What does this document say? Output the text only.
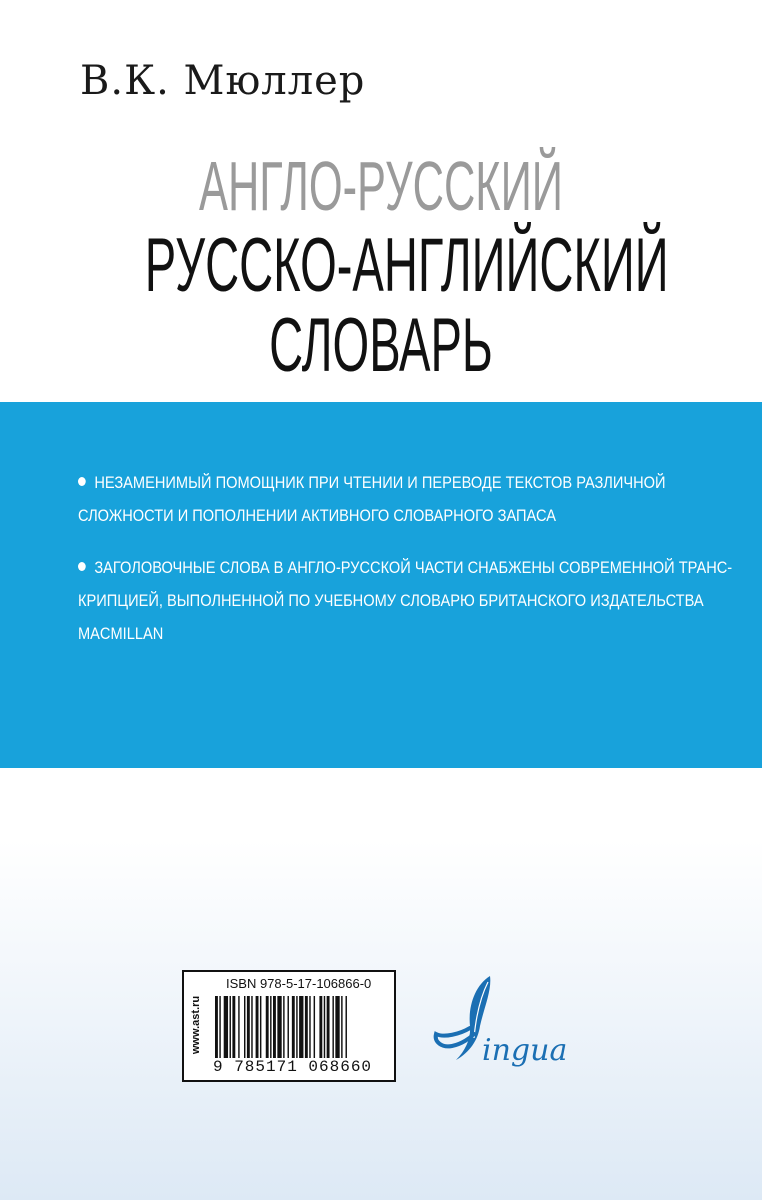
В.К. Мюллер
АНГЛО-РУССКИЙ
РУССКО-АНГЛИЙСКИЙ
СЛОВАРЬ
НЕЗАМЕНИМЫЙ ПОМОЩНИК ПРИ ЧТЕНИИ И ПЕРЕВОДЕ ТЕКСТОВ РАЗЛИЧНОЙ
СЛОЖНОСТИ И ПОПОЛНЕНИИ АКТИВНОГО СЛОВАРНОГО ЗАПАСА
ЗАГОЛОВОЧНЫЕ СЛОВА В АНГЛО-РУССКОЙ ЧАСТИ СНАБЖЕНЫ СОВРЕМЕННОЙ ТРАНС-
КРИПЦИЕЙ, ВЫПОЛНЕННОЙ ПО УЧЕБНОМУ СЛОВАРЮ БРИТАНСКОГО ИЗДАТЕЛЬСТВА
MACMILLAN
www.ast.ru
ISBN 978-5-17-106866-0
9 785171 068660	ingua
